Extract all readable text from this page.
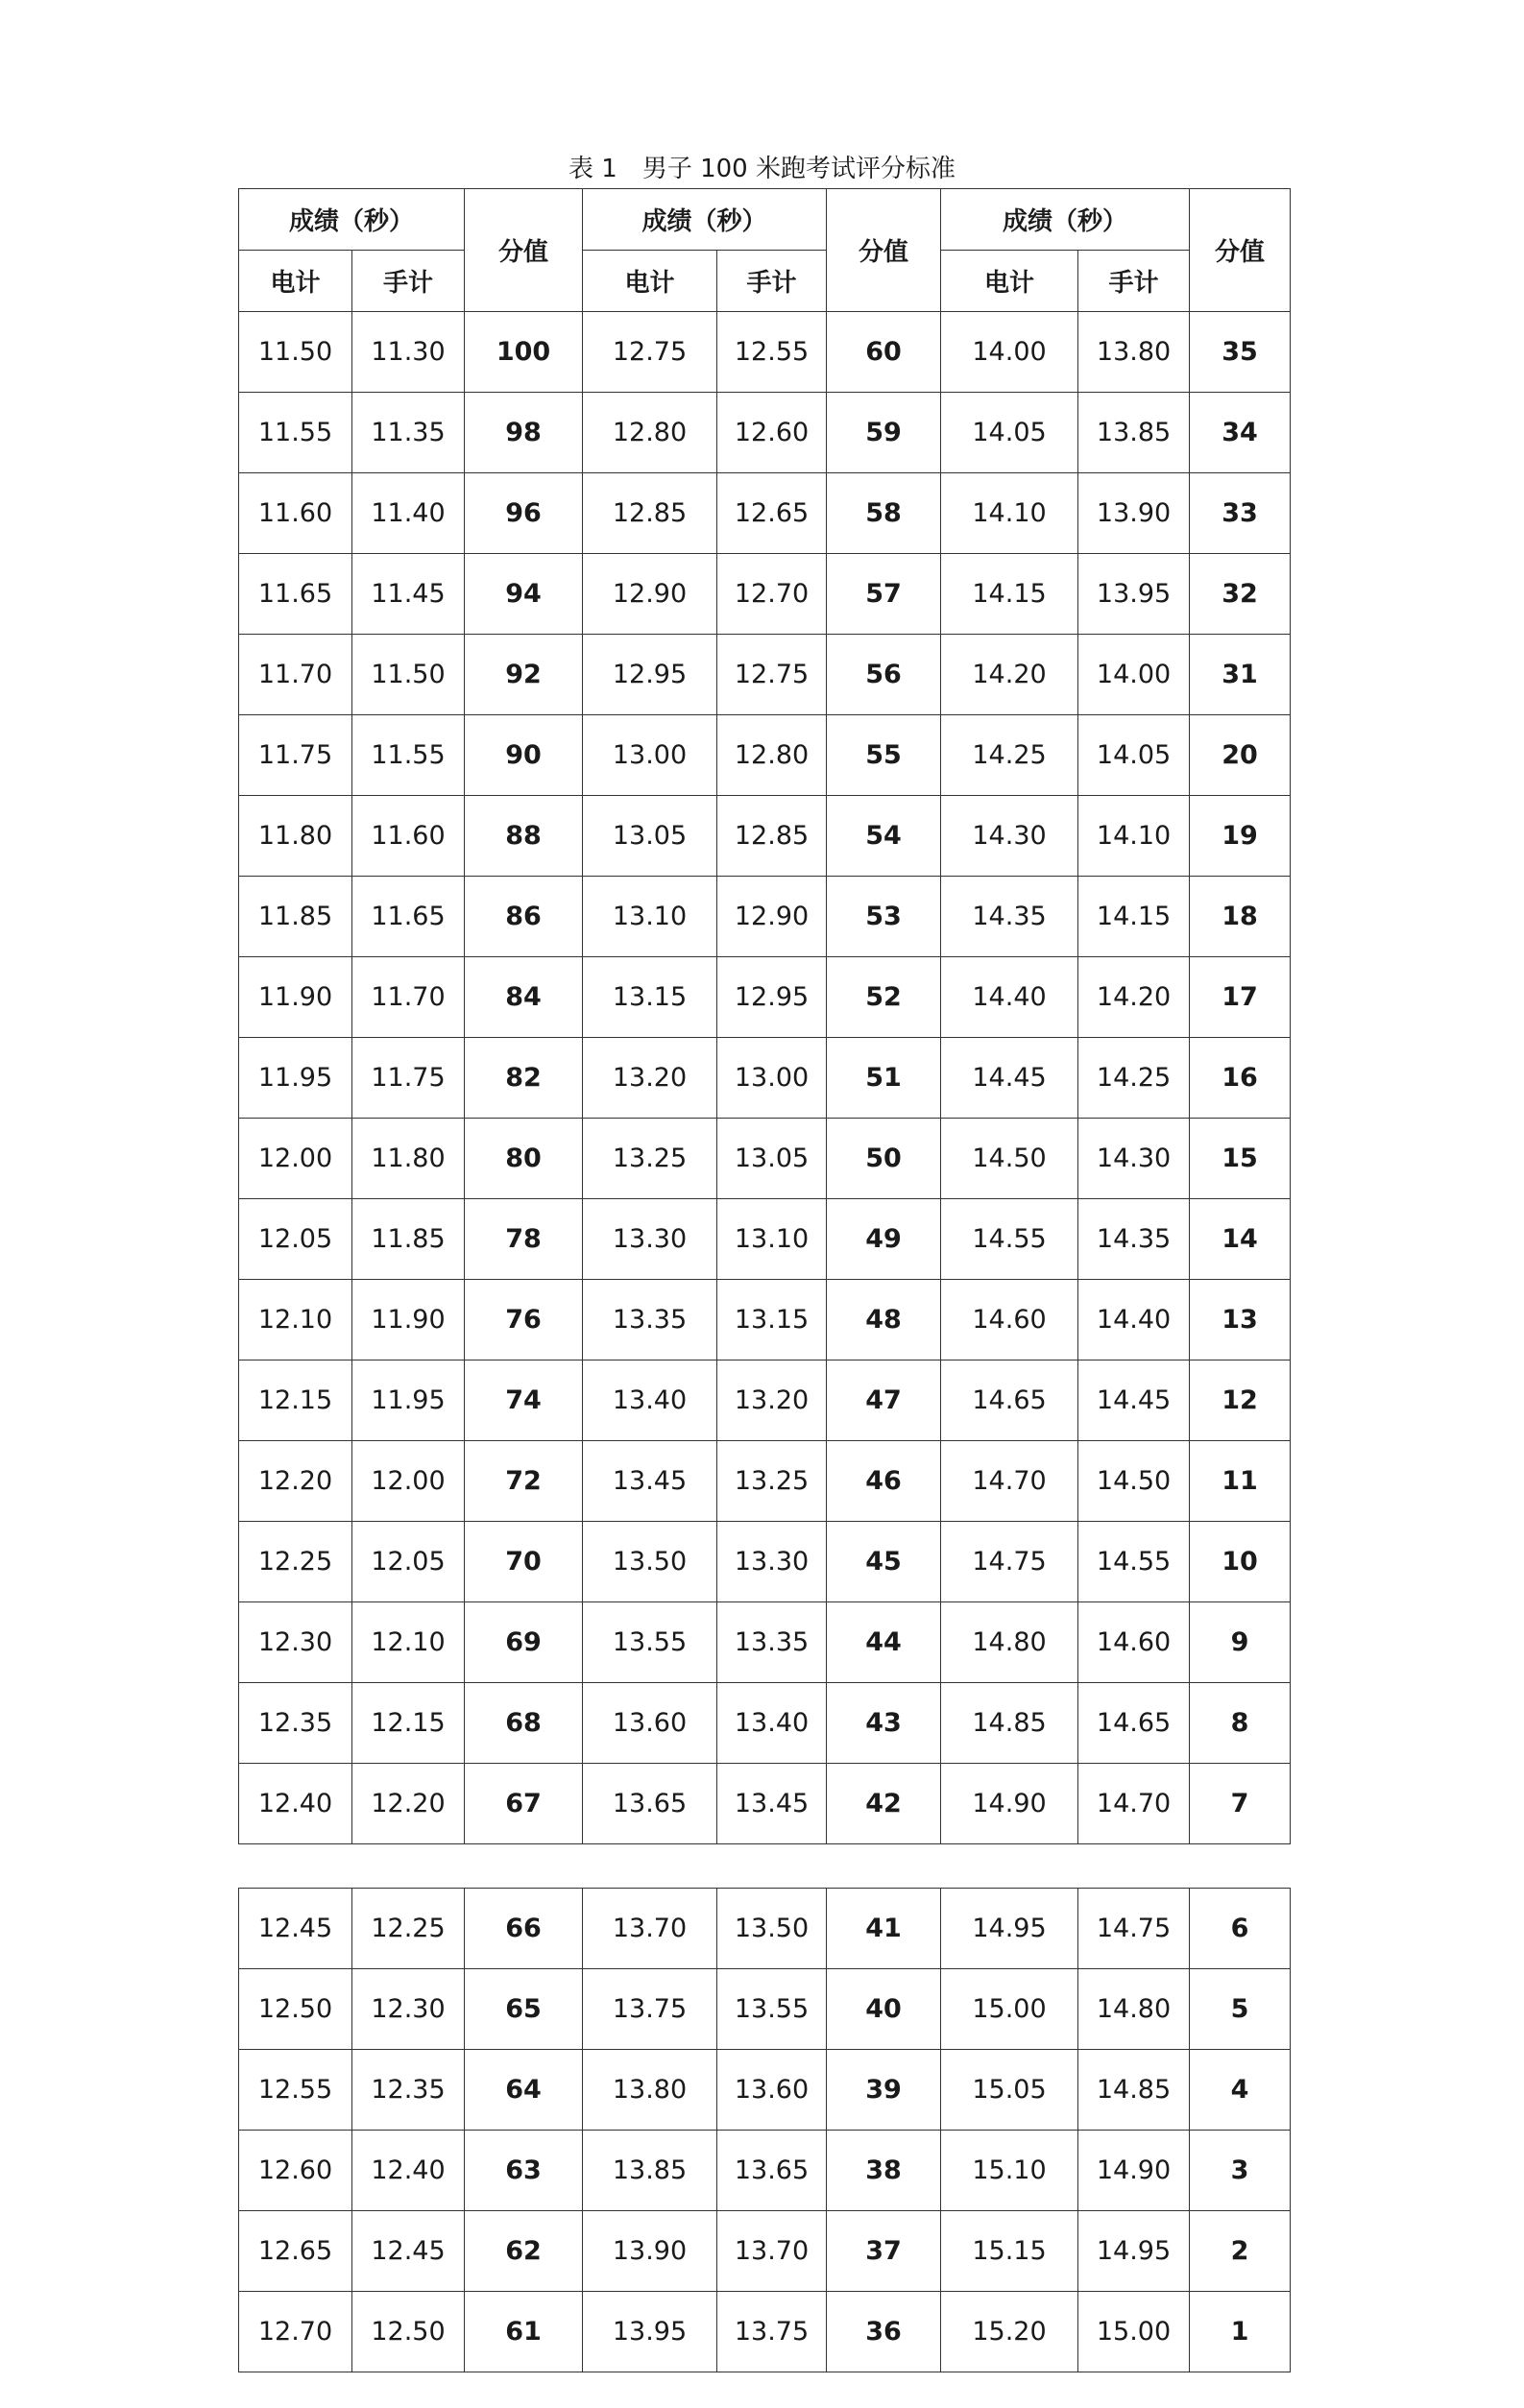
表 1　男子 100 米跑考试评分标准
成绩（秒）		分值	成绩（秒）		分值	成绩（秒）		分值
电计	手计		电计	手计		电计	手计	
11.50	11.30	100	12.75	12.55	60	14.00	13.80	35
11.55	11.35	98	12.80	12.60	59	14.05	13.85	34
11.60	11.40	96	12.85	12.65	58	14.10	13.90	33
11.65	11.45	94	12.90	12.70	57	14.15	13.95	32
11.70	11.50	92	12.95	12.75	56	14.20	14.00	31
11.75	11.55	90	13.00	12.80	55	14.25	14.05	20
11.80	11.60	88	13.05	12.85	54	14.30	14.10	19
11.85	11.65	86	13.10	12.90	53	14.35	14.15	18
11.90	11.70	84	13.15	12.95	52	14.40	14.20	17
11.95	11.75	82	13.20	13.00	51	14.45	14.25	16
12.00	11.80	80	13.25	13.05	50	14.50	14.30	15
12.05	11.85	78	13.30	13.10	49	14.55	14.35	14
12.10	11.90	76	13.35	13.15	48	14.60	14.40	13
12.15	11.95	74	13.40	13.20	47	14.65	14.45	12
12.20	12.00	72	13.45	13.25	46	14.70	14.50	11
12.25	12.05	70	13.50	13.30	45	14.75	14.55	10
12.30	12.10	69	13.55	13.35	44	14.80	14.60	9
12.35	12.15	68	13.60	13.40	43	14.85	14.65	8
12.40	12.20	67	13.65	13.45	42	14.90	14.70	7
12.45	12.25	66	13.70	13.50	41	14.95	14.75	6
12.50	12.30	65	13.75	13.55	40	15.00	14.80	5
12.55	12.35	64	13.80	13.60	39	15.05	14.85	4
12.60	12.40	63	13.85	13.65	38	15.10	14.90	3
12.65	12.45	62	13.90	13.70	37	15.15	14.95	2
12.70	12.50	61	13.95	13.75	36	15.20	15.00	1
